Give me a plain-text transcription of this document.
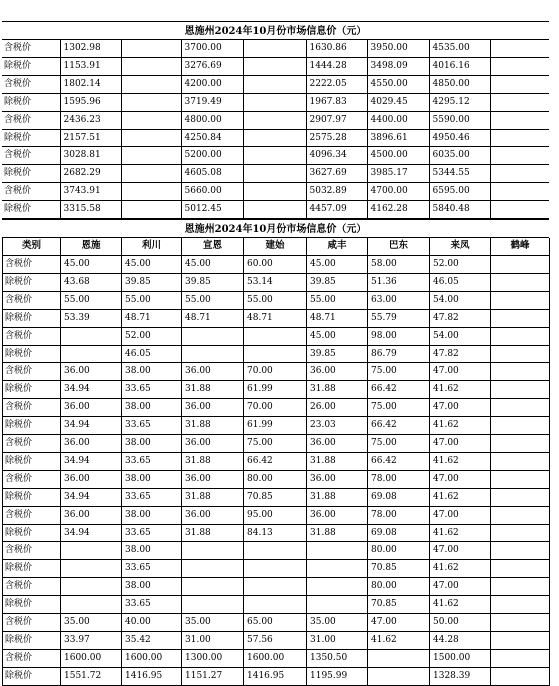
恩施州2024年10月份市场信息价（元）
含税价	1302.98		3700.00		1630.86	3950.00	4535.00	
除税价	1153.91		3276.69		1444.28	3498.09	4016.16	
含税价	1802.14		4200.00		2222.05	4550.00	4850.00	
除税价	1595.96		3719.49		1967.83	4029.45	4295.12	
含税价	2436.23		4800.00		2907.97	4400.00	5590.00	
除税价	2157.51		4250.84		2575.28	3896.61	4950.46	
含税价	3028.81		5200.00		4096.34	4500.00	6035.00	
除税价	2682.29		4605.08		3627.69	3985.17	5344.55	
含税价	3743.91		5660.00		5032.89	4700.00	6595.00	
除税价	3315.58		5012.45		4457.09	4162.28	5840.48	
恩施州2024年10月份市场信息价（元）
类别	恩施	利川	宣恩	建始	咸丰	巴东	来凤	鹤峰
含税价	45.00	45.00	45.00	60.00	45.00	58.00	52.00	
除税价	43.68	39.85	39.85	53.14	39.85	51.36	46.05	
含税价	55.00	55.00	55.00	55.00	55.00	63.00	54.00	
除税价	53.39	48.71	48.71	48.71	48.71	55.79	47.82	
含税价		52.00			45.00	98.00	54.00	
除税价		46.05			39.85	86.79	47.82	
含税价	36.00	38.00	36.00	70.00	36.00	75.00	47.00	
除税价	34.94	33.65	31.88	61.99	31.88	66.42	41.62	
含税价	36.00	38.00	36.00	70.00	26.00	75.00	47.00	
除税价	34.94	33.65	31.88	61.99	23.03	66.42	41.62	
含税价	36.00	38.00	36.00	75.00	36.00	75.00	47.00	
除税价	34.94	33.65	31.88	66.42	31.88	66.42	41.62	
含税价	36.00	38.00	36.00	80.00	36.00	78.00	47.00	
除税价	34.94	33.65	31.88	70.85	31.88	69.08	41.62	
含税价	36.00	38.00	36.00	95.00	36.00	78.00	47.00	
除税价	34.94	33.65	31.88	84.13	31.88	69.08	41.62	
含税价		38.00				80.00	47.00	
除税价		33.65				70.85	41.62	
含税价		38.00				80.00	47.00	
除税价		33.65				70.85	41.62	
含税价	35.00	40.00	35.00	65.00	35.00	47.00	50.00	
除税价	33.97	35.42	31.00	57.56	31.00	41.62	44.28	
含税价	1600.00	1600.00	1300.00	1600.00	1350.50		1500.00	
除税价	1551.72	1416.95	1151.27	1416.95	1195.99		1328.39	
